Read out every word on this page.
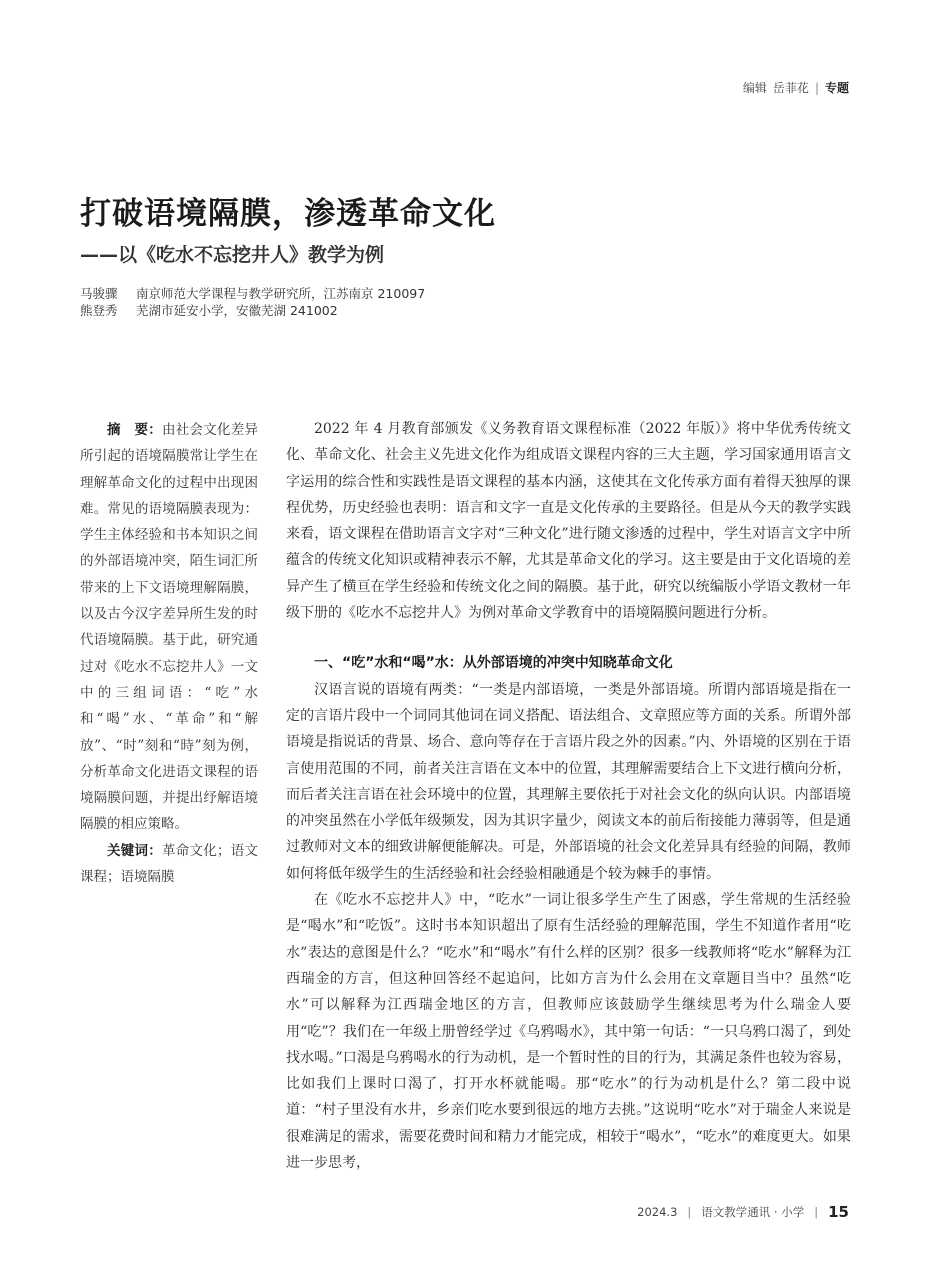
编辑 岳菲花 | 专题
打破语境隔膜，渗透革命文化
——以《吃水不忘挖井人》教学为例
马骏骤 南京师范大学课程与教学研究所，江苏南京 210097
熊登秀 芜湖市延安小学，安徽芜湖 241002

摘　要：由社会文化差异所引起的语境隔膜常让学生在理解革命文化的过程中出现困难。常见的语境隔膜表现为：学生主体经验和书本知识之间的外部语境冲突，陌生词汇所带来的上下文语境理解隔膜，以及古今汉字差异所生发的时代语境隔膜。基于此，研究通过对《吃水不忘挖井人》一文中的三组词语：“吃”水和“喝”水、“革命”和“解放”、“时”刻和“時”刻为例，分析革命文化进语文课程的语境隔膜问题，并提出纾解语境隔膜的相应策略。

关键词：革命文化；语文课程；语境隔膜

2022 年 4 月教育部颁发《义务教育语文课程标准（2022 年版）》将中华优秀传统文化、革命文化、社会主义先进文化作为组成语文课程内容的三大主题，学习国家通用语言文字运用的综合性和实践性是语文课程的基本内涵，这使其在文化传承方面有着得天独厚的课程优势，历史经验也表明：语言和文字一直是文化传承的主要路径。但是从今天的教学实践来看，语文课程在借助语言文字对“三种文化”进行随文渗透的过程中，学生对语言文字中所蕴含的传统文化知识或精神表示不解，尤其是革命文化的学习。这主要是由于文化语境的差异产生了横亘在学生经验和传统文化之间的隔膜。基于此，研究以统编版小学语文教材一年级下册的《吃水不忘挖井人》为例对革命文学教育中的语境隔膜问题进行分析。

一、“吃”水和“喝”水：从外部语境的冲突中知晓革命文化

汉语言说的语境有两类：“一类是内部语境，一类是外部语境。所谓内部语境是指在一定的言语片段中一个词同其他词在词义搭配、语法组合、文章照应等方面的关系。所谓外部语境是指说话的背景、场合、意向等存在于言语片段之外的因素。”内、外语境的区别在于语言使用范围的不同，前者关注言语在文本中的位置，其理解需要结合上下文进行横向分析，而后者关注言语在社会环境中的位置，其理解主要依托于对社会文化的纵向认识。内部语境的冲突虽然在小学低年级频发，因为其识字量少，阅读文本的前后衔接能力薄弱等，但是通过教师对文本的细致讲解便能解决。可是，外部语境的社会文化差异具有经验的间隔，教师如何将低年级学生的生活经验和社会经验相融通是个较为棘手的事情。

在《吃水不忘挖井人》中，“吃水”一词让很多学生产生了困惑，学生常规的生活经验是“喝水”和“吃饭”。这时书本知识超出了原有生活经验的理解范围，学生不知道作者用“吃水”表达的意图是什么？“吃水”和“喝水”有什么样的区别？很多一线教师将“吃水”解释为江西瑞金的方言，但这种回答经不起追问，比如方言为什么会用在文章题目当中？虽然“吃水”可以解释为江西瑞金地区的方言，但教师应该鼓励学生继续思考为什么瑞金人要用“吃”？我们在一年级上册曾经学过《乌鸦喝水》，其中第一句话：“一只乌鸦口渴了，到处找水喝。”口渴是乌鸦喝水的行为动机，是一个暂时性的目的行为，其满足条件也较为容易，比如我们上课时口渴了，打开水杯就能喝。那“吃水”的行为动机是什么？第二段中说道：“村子里没有水井，乡亲们吃水要到很远的地方去挑。”这说明“吃水”对于瑞金人来说是很难满足的需求，需要花费时间和精力才能完成，相较于“喝水”，“吃水”的难度更大。如果进一步思考，

2024.3 | 语文教学通讯 · 小学 | 15
